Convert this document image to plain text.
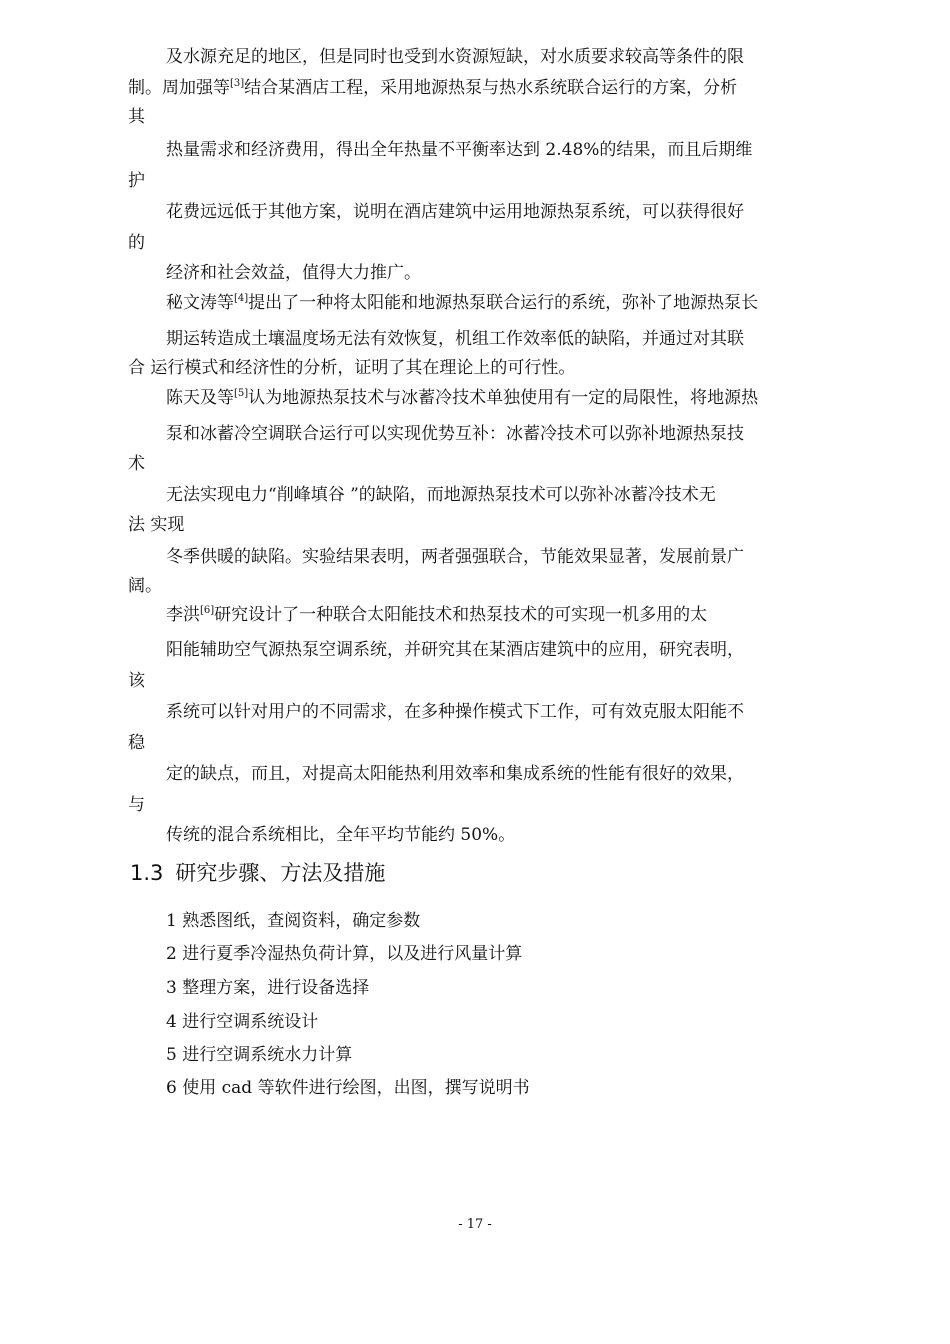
及水源充足的地区，但是同时也受到水资源短缺，对水质要求较高等条件的限
制。周加强等[3]结合某酒店工程，采用地源热泵与热水系统联合运行的方案，分析
其
热量需求和经济费用，得出全年热量不平衡率达到 2.48%的结果，而且后期维
护
花费远远低于其他方案，说明在酒店建筑中运用地源热泵系统，可以获得很好
的
经济和社会效益，值得大力推广。
秘文涛等[4]提出了一种将太阳能和地源热泵联合运行的系统，弥补了地源热泵长
期运转造成土壤温度场无法有效恢复，机组工作效率低的缺陷，并通过对其联
合 运行模式和经济性的分析，证明了其在理论上的可行性。
陈天及等[5]认为地源热泵技术与冰蓄冷技术单独使用有一定的局限性，将地源热
泵和冰蓄冷空调联合运行可以实现优势互补：冰蓄冷技术可以弥补地源热泵技
术
无法实现电力“削峰填谷 ”的缺陷，而地源热泵技术可以弥补冰蓄冷技术无
法 实现
冬季供暖的缺陷。实验结果表明，两者强强联合，节能效果显著，发展前景广
阔。
李洪[6]研究设计了一种联合太阳能技术和热泵技术的可实现一机多用的太
阳能辅助空气源热泵空调系统，并研究其在某酒店建筑中的应用，研究表明，
该
系统可以针对用户的不同需求，在多种操作模式下工作，可有效克服太阳能不
稳
定的缺点，而且，对提高太阳能热利用效率和集成系统的性能有很好的效果，
与
传统的混合系统相比，全年平均节能约 50%。
1.3 研究步骤、方法及措施
1 熟悉图纸，查阅资料，确定参数
2 进行夏季冷湿热负荷计算，以及进行风量计算
3 整理方案，进行设备选择
4 进行空调系统设计
5 进行空调系统水力计算
6 使用 cad 等软件进行绘图，出图，撰写说明书
- 17 -
